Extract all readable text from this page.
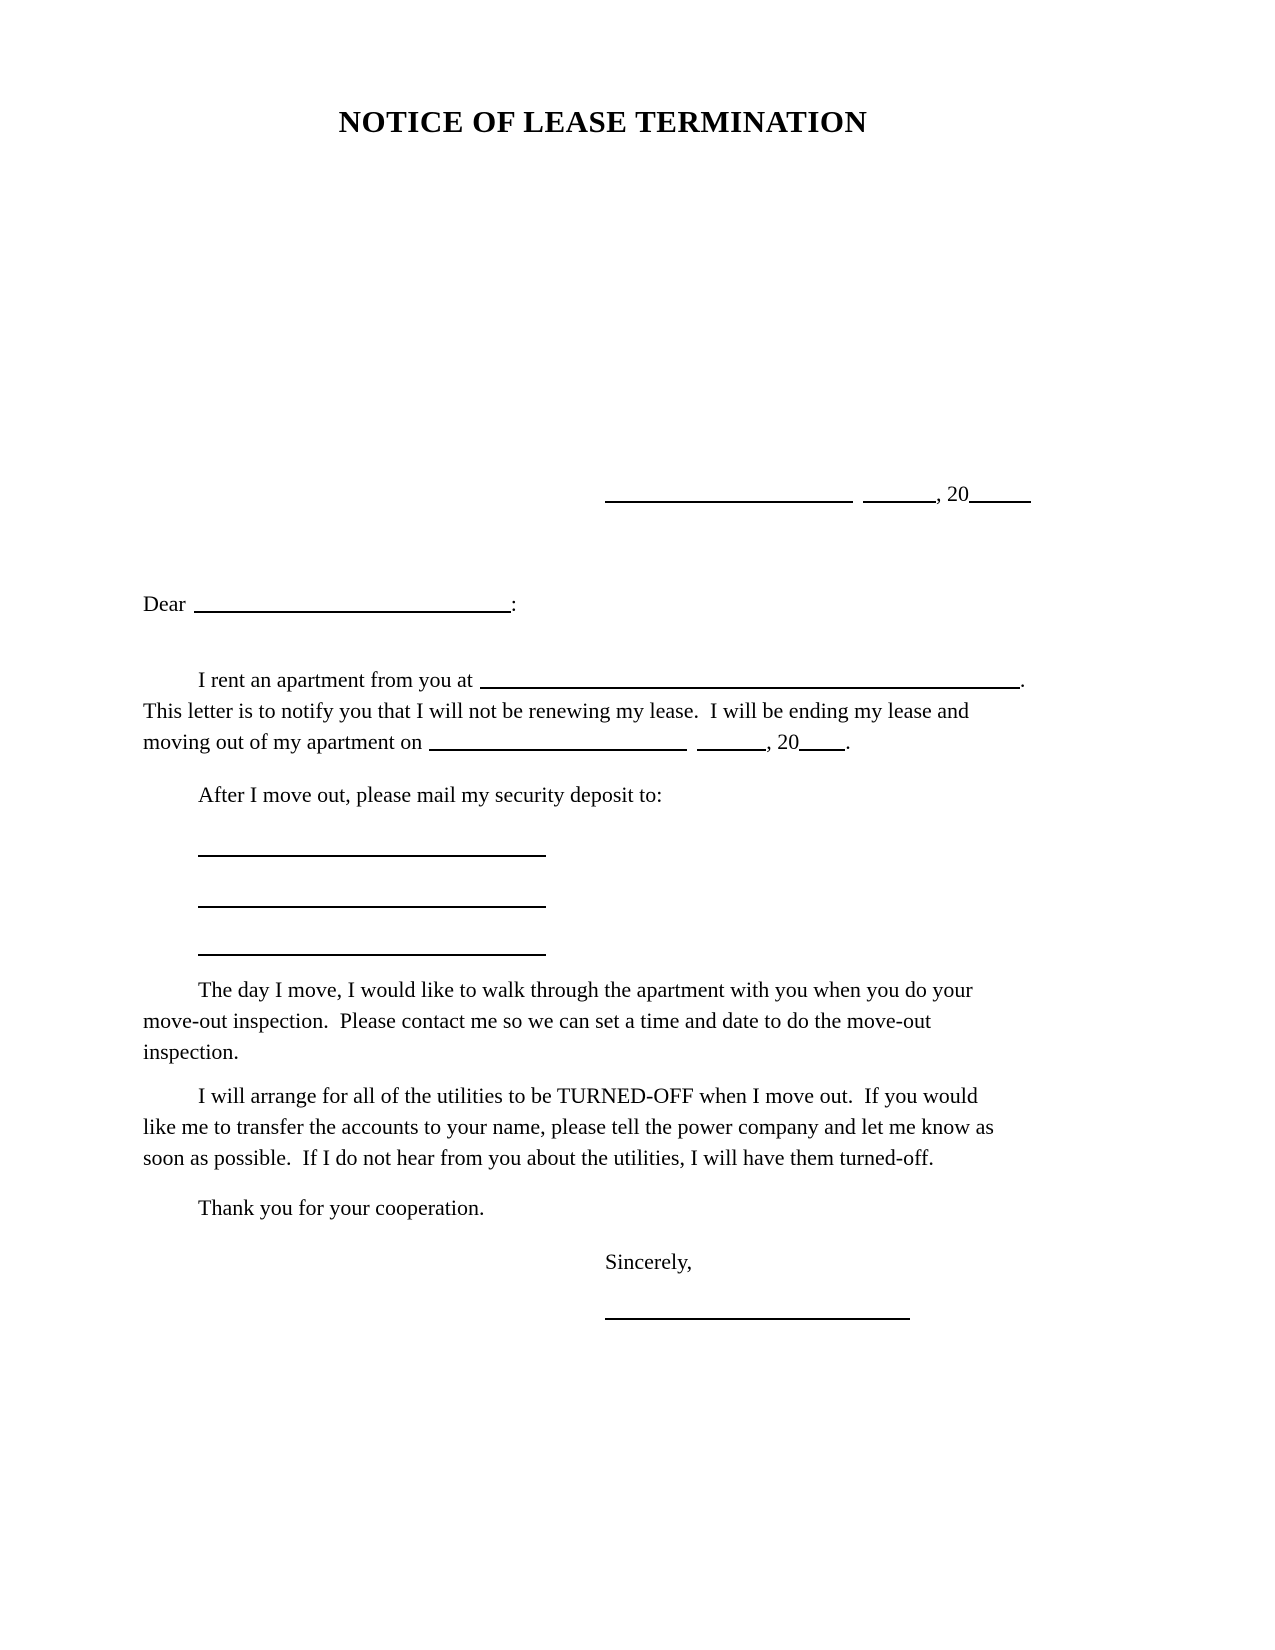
NOTICE OF LEASE TERMINATION
, 20
Dear	:
I rent an apartment from you at	.
This letter is to notify you that I will not be renewing my lease.  I will be ending my lease and
moving out of my apartment on	, 20 .
After I move out, please mail my security deposit to:
The day I move, I would like to walk through the apartment with you when you do your
move-out inspection.  Please contact me so we can set a time and date to do the move-out
inspection.
I will arrange for all of the utilities to be TURNED-OFF when I move out.  If you would
like me to transfer the accounts to your name, please tell the power company and let me know as
soon as possible.  If I do not hear from you about the utilities, I will have them turned-off.
Thank you for your cooperation.
Sincerely,
